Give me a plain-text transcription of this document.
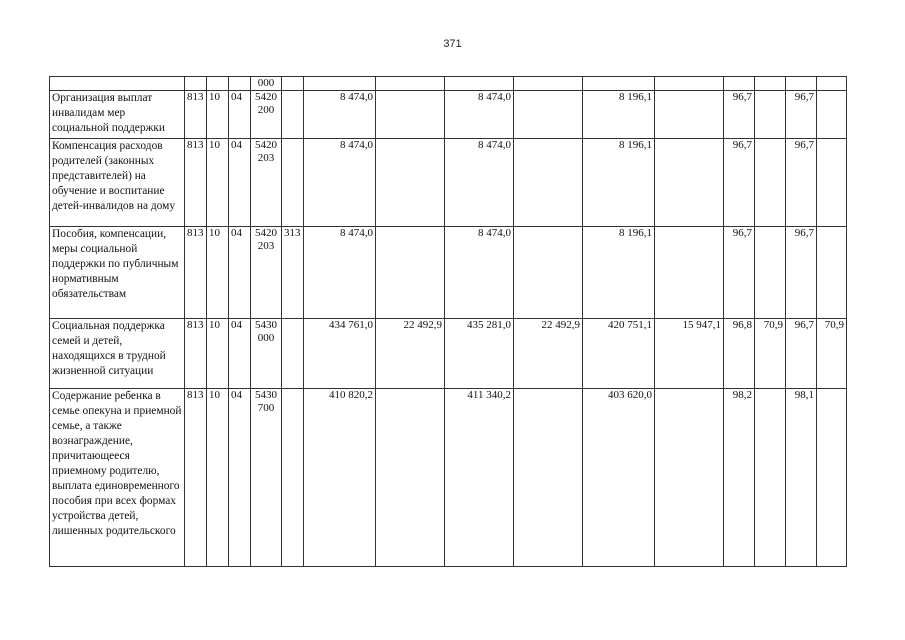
371
				000											
Организация выплат инвалидам мер социальной поддержки	813	10	04	5420 200		8 474,0		8 474,0		8 196,1		96,7		96,7	
Компенсация расходов родителей (законных представителей) на обучение и воспитание детей-инвалидов на дому	813	10	04	5420 203		8 474,0		8 474,0		8 196,1		96,7		96,7	
Пособия, компенсации, меры социальной поддержки по публичным нормативным обязательствам	813	10	04	5420 203	313	8 474,0		8 474,0		8 196,1		96,7		96,7	
Социальная поддержка семей и детей, находящихся в трудной жизненной ситуации	813	10	04	5430 000		434 761,0	22 492,9	435 281,0	22 492,9	420 751,1	15 947,1	96,8	70,9	96,7	70,9
Содержание ребенка в семье опекуна и приемной семье, а также вознаграждение, причитающееся приемному родителю, выплата единовременного пособия при всех формах устройства детей, лишенных родительского	813	10	04	5430 700		410 820,2		411 340,2		403 620,0		98,2		98,1	
